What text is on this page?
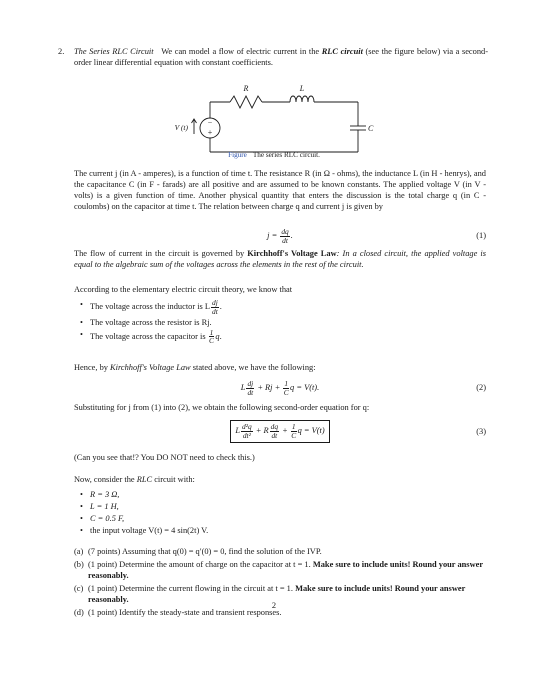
2. The Series RLC Circuit We can model a flow of electric current in the RLC circuit (see the figure below) via a second-order linear differential equation with constant coefficients.
−
+
R	L
C
V (t)
Figure The series RLC circuit.
The current j (in A - amperes), is a function of time t. The resistance R (in Ω - ohms), the inductance L (in H - henrys), and the capacitance C (in F - farads) are all positive and are assumed to be known constants. The applied voltage V (in V - volts) is a given function of time. Another physical quantity that enters the discussion is the total charge q (in C - coulombs) on the capacitor at time t. The relation between charge q and current j is given by
$j = \frac{dq}{dt}$ .	(1)
The flow of current in the circuit is governed by Kirchhoff's Voltage Law: In a closed circuit, the applied voltage is equal to the algebraic sum of the voltages across the elements in the rest of the circuit.
According to the elementary electric circuit theory, we know that
• The voltage across the inductor is L $\frac{dj}{dt}$ .
• The voltage across the resistor is Rj.
• The voltage across the capacitor is $\frac{1}{C} q$.
Hence, by Kirchhoff's Voltage Law stated above, we have the following:
L $\frac{dj}{dt} + Rj + \frac{1}{C}$ q = V(t).	(2)
Substituting for j from (1) into (2), we obtain the following second-order equation for q:
L $\frac{\text{d²q}}{\text{dt²}} + R \frac{dq}{dt} + \frac{1}{C}$ q = V(t)	(3)
(Can you see that!? You DO NOT need to check this.)
Now, consider the RLC circuit with:
• R = 3 Ω,
• L = 1 H,
• C = 0.5 F,
• the input voltage V(t) = 4 sin(2t) V.
(a) (7 points) Assuming that q(0) = q′(0) = 0, find the solution of the IVP.
(b) (1 point) Determine the amount of charge on the capacitor at t = 1. Make sure to include units! Round your answer reasonably.
(c) (1 point) Determine the current flowing in the circuit at t = 1. Make sure to include units! Round your answer reasonably.
(d) (1 point) Identify the steady-state and transient responses.
2
